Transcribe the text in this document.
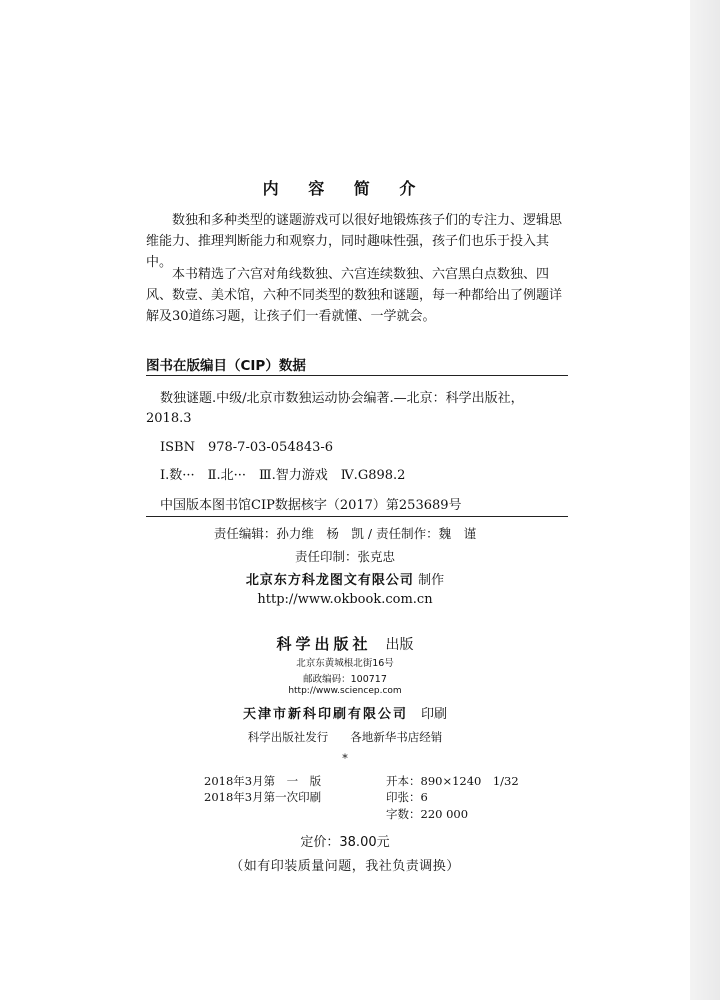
内 容 简 介
数独和多种类型的谜题游戏可以很好地锻炼孩子们的专注力、逻辑思维能力、推理判断能力和观察力，同时趣味性强，孩子们也乐于投入其中。
本书精选了六宫对角线数独、六宫连续数独、六宫黑白点数独、四风、数壹、美术馆，六种不同类型的数独和谜题，每一种都给出了例题详解及30道练习题，让孩子们一看就懂、一学就会。
图书在版编目（CIP）数据
数独谜题.中级/北京市数独运动协会编著.—北京：科学出版社，
2018.3
ISBN　978-7-03-054843-6
Ⅰ.数···　Ⅱ.北···　Ⅲ.智力游戏　Ⅳ.G898.2
中国版本图书馆CIP数据核字（2017）第253689号
责任编辑：孙力维　杨　凯 / 责任制作：魏　谨
责任印制：张克忠
北京东方科龙图文有限公司 制作
http://www.okbook.com.cn
科学出版社　出版
北京东黄城根北街16号
邮政编码：100717
http://www.sciencep.com
天津市新科印刷有限公司　印刷
科学出版社发行 各地新华书店经销
*
2018年3月第　一　版	开本：890×1240　1/32
2018年3月第一次印刷	印张：6
字数：220 000
定价：38.00元
（如有印装质量问题，我社负责调换）
